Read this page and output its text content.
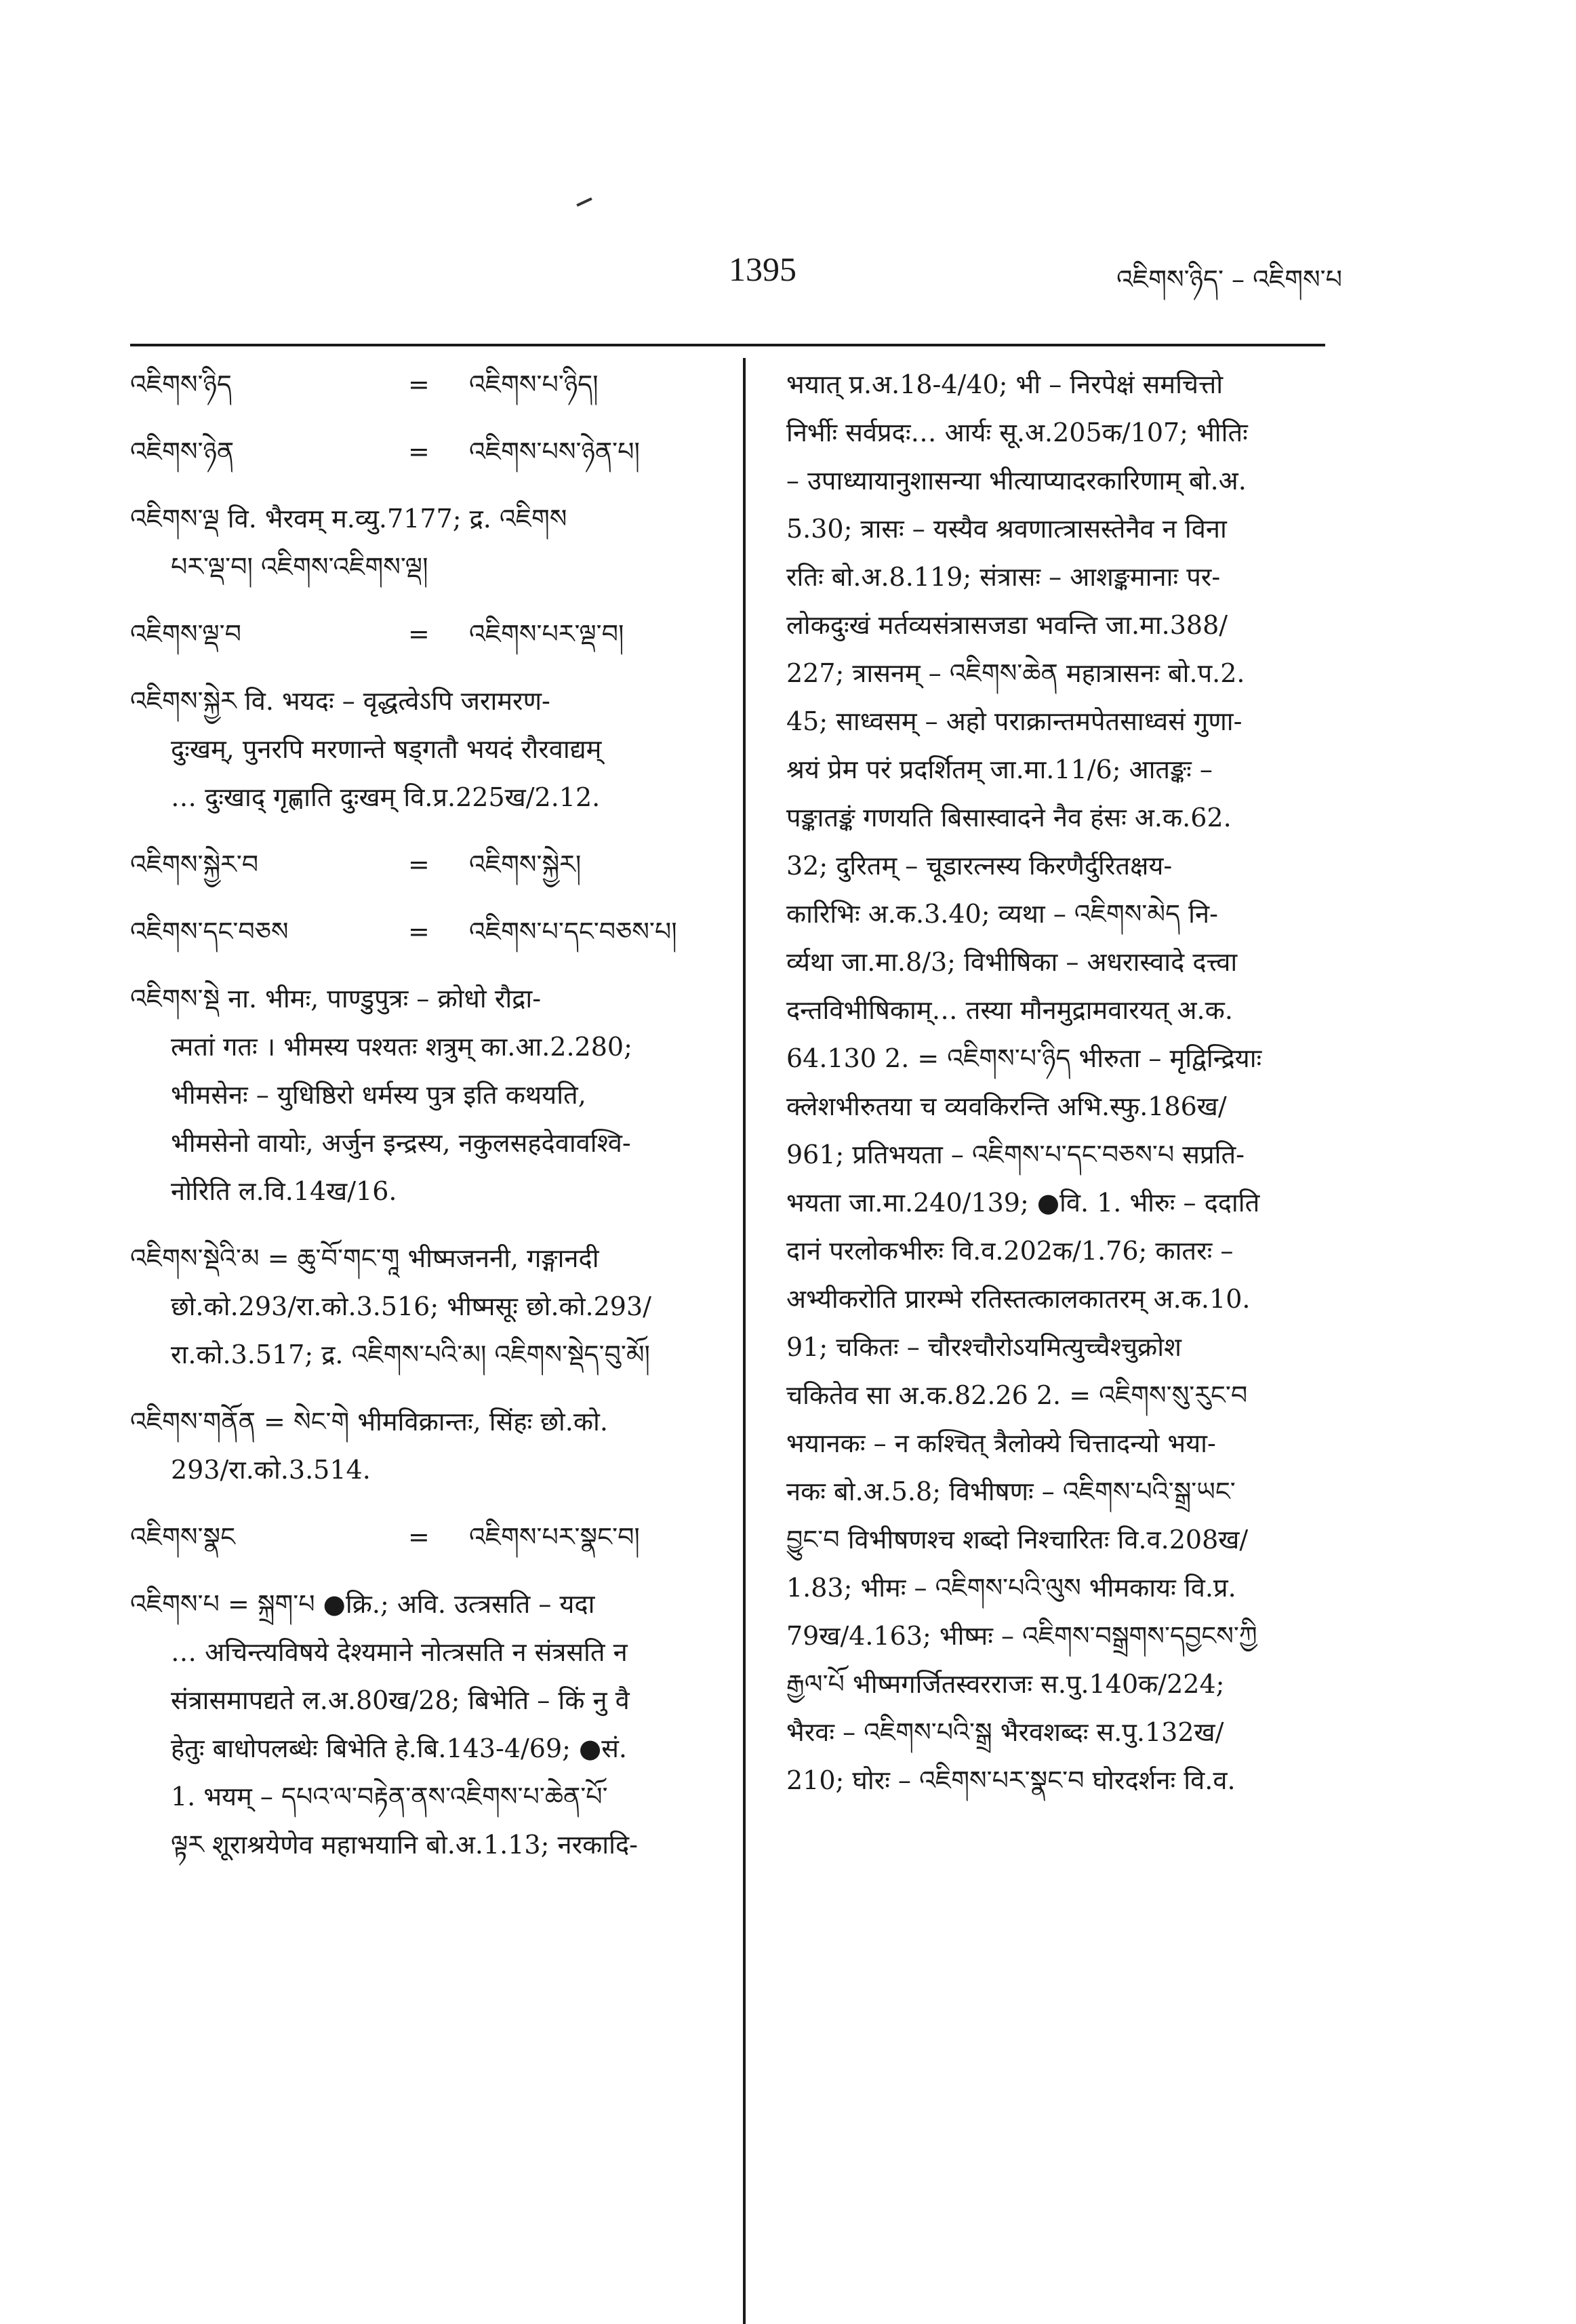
1395	འཇིགས་ཉིད་ – འཇིགས་པ
འཇིགས་ཉིད	=	འཇིགས་པ་ཉིད།
འཇིགས་ཉེན	=	འཇིགས་པས་ཉེན་པ།
འཇིགས་ལྡ वि. भैरवम् म.व्यु.7177; द्र. འཇིགས
པར་ལྡ་བ། འཇིགས་འཇིགས་ལྡ།
འཇིགས་ལྡ་བ	=	འཇིགས་པར་ལྡ་བ།
འཇིགས་སྐྱེར वि. भयदः – वृद्धत्वेऽपि जरामरण-
दुःखम्, पुनरपि मरणान्ते षड्गतौ भयदं रौरवाद्यम्
… दुःखाद् गृह्णाति दुःखम् वि.प्र.225ख/2.12.
འཇིགས་སྐྱེར་བ	=	འཇིགས་སྐྱེར།
འཇིགས་དང་བཅས	=	འཇིགས་པ་དང་བཅས་པ།
འཇིགས་སྡེ ना. भीमः, पाण्डुपुत्रः – क्रोधो रौद्रा-
त्मतां गतः । भीमस्य पश्यतः शत्रुम् का.आ.2.280;
भीमसेनः – युधिष्ठिरो धर्मस्य पुत्र इति कथयति,
भीमसेनो वायोः, अर्जुन इन्द्रस्य, नकुलसहदेवावश्वि-
नोरिति ल.वि.14ख/16.
འཇིགས་སྡེའི་མ = ཆུ་བོ་གང་གཱ भीष्मजननी, गङ्गानदी
छो.को.293/रा.को.3.516; भीष्मसूः छो.को.293/
रा.को.3.517; द्र. འཇིགས་པའི་མ། འཇིགས་སྡེད་བུ་མོ།
འཇིགས་གནོན = སེང་གེ भीमविक्रान्तः, सिंहः छो.को.
293/रा.को.3.514.
འཇིགས་སྣང	=	འཇིགས་པར་སྣང་བ།
འཇིགས་པ = སྐྲག་པ ●क्रि.; अवि. उत्त्रसति – यदा
… अचिन्त्यविषये देश्यमाने नोत्त्रसति न संत्रसति न
संत्रासमापद्यते ल.अ.80ख/28; बिभेति – किं नु वै
हेतुः बाधोपलब्धेः बिभेति हे.बि.143-4/69; ●सं.
1. भयम् – དཔའ་ལ་བརྟེན་ནས་འཇིགས་པ་ཆེན་པོ་
ལྟར शूराश्रयेणेव महाभयानि बो.अ.1.13; नरकादि-
भयात् प्र.अ.18-4/40; भी – निरपेक्षं समचित्तो
निर्भीः सर्वप्रदः… आर्यः सू.अ.205क/107; भीतिः
– उपाध्यायानुशासन्या भीत्याप्यादरकारिणाम् बो.अ.
5.30; त्रासः – यस्यैव श्रवणात्त्रासस्तेनैव न विना
रतिः बो.अ.8.119; संत्रासः – आशङ्कमानाः पर-
लोकदुःखं मर्तव्यसंत्रासजडा भवन्ति जा.मा.388/
227; त्रासनम् – འཇིགས་ཆེན महात्रासनः बो.प.2.
45; साध्वसम् – अहो पराक्रान्तमपेतसाध्वसं गुणा-
श्रयं प्रेम परं प्रदर्शितम् जा.मा.11/6; आतङ्कः –
पङ्कातङ्कं गणयति बिसास्वादने नैव हंसः अ.क.62.
32; दुरितम् – चूडारत्नस्य किरणैर्दुरितक्षय-
कारिभिः अ.क.3.40; व्यथा – འཇིགས་མེད नि-
र्व्यथा जा.मा.8/3; विभीषिका – अधरास्वादे दत्त्वा
दन्तविभीषिकाम्… तस्या मौनमुद्रामवारयत् अ.क.
64.130 2. = འཇིགས་པ་ཉིད भीरुता – मृद्विन्द्रियाः
क्लेशभीरुतया च व्यवकिरन्ति अभि.स्फु.186ख/
961; प्रतिभयता – འཇིགས་པ་དང་བཅས་པ सप्रति-
भयता जा.मा.240/139; ●वि. 1. भीरुः – ददाति
दानं परलोकभीरुः वि.व.202क/1.76; कातरः –
अभ्यीकरोति प्रारम्भे रतिस्तत्कालकातरम् अ.क.10.
91; चकितः – चौरश्चौरोऽयमित्युच्चैश्चुक्रोश
चकितेव सा अ.क.82.26 2. = འཇིགས་སུ་རུང་བ
भयानकः – न कश्चित् त्रैलोक्ये चित्तादन्यो भया-
नकः बो.अ.5.8; विभीषणः – འཇིགས་པའི་སྒྲ་ཡང་
བྱུང་བ विभीषणश्च शब्दो निश्चारितः वि.व.208ख/
1.83; भीमः – འཇིགས་པའི་ལུས भीमकायः वि.प्र.
79ख/4.163; भीष्मः – འཇིགས་བསྒྲགས་དབྱངས་ཀྱི
རྒྱལ་པོ भीष्मगर्जितस्वरराजः स.पु.140क/224;
भैरवः – འཇིགས་པའི་སྒྲ भैरवशब्दः स.पु.132ख/
210; घोरः – འཇིགས་པར་སྣང་བ घोरदर्शनः वि.व.
